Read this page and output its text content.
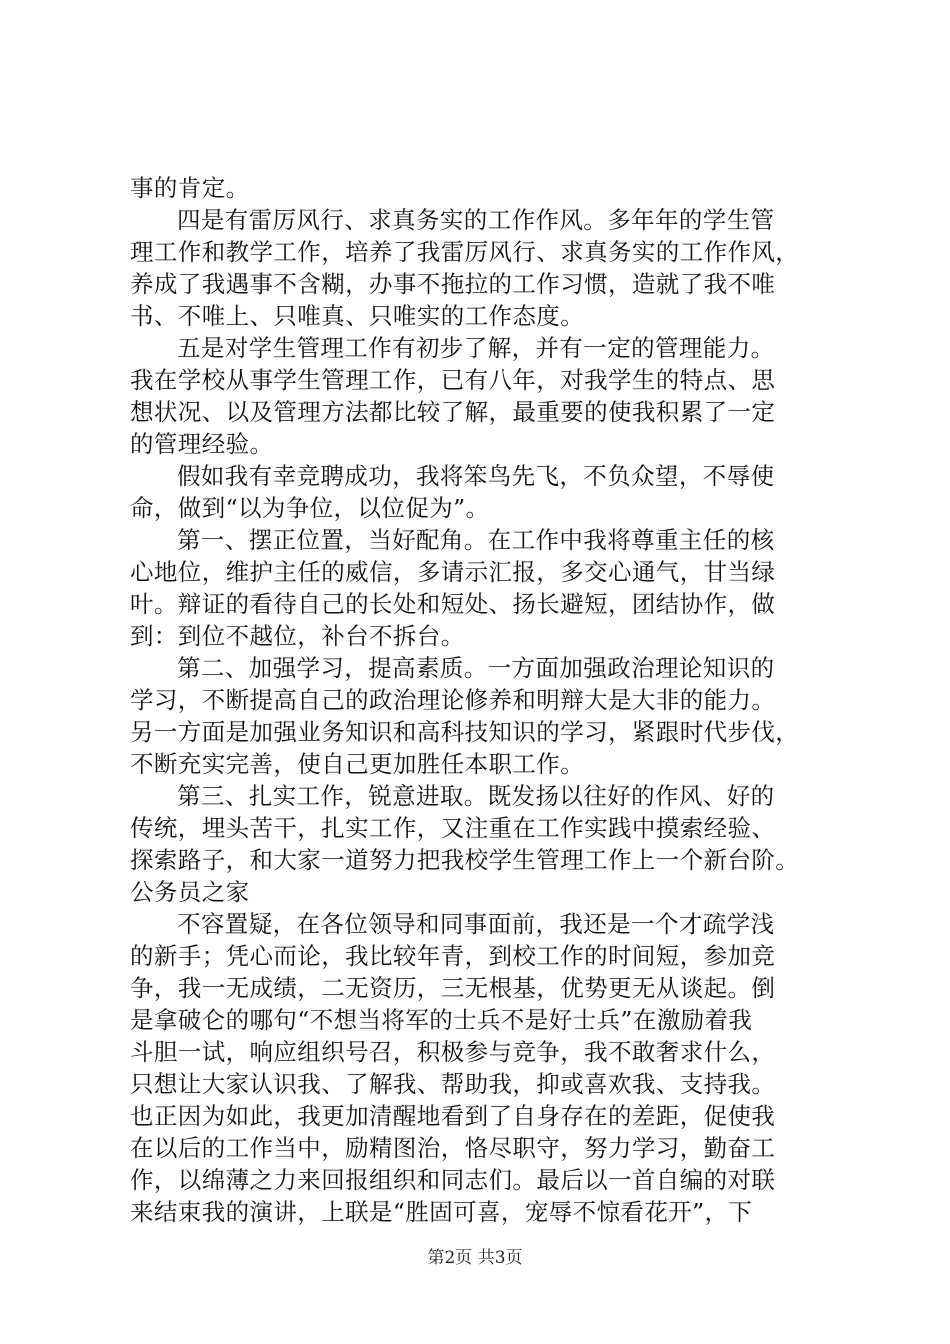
事的肯定。
四是有雷厉风行、求真务实的工作作风。多年年的学生管
理工作和教学工作，培养了我雷厉风行、求真务实的工作作风，
养成了我遇事不含糊，办事不拖拉的工作习惯，造就了我不唯
书、不唯上、只唯真、只唯实的工作态度。
五是对学生管理工作有初步了解，并有一定的管理能力。
我在学校从事学生管理工作，已有八年，对我学生的特点、思
想状况、以及管理方法都比较了解，最重要的使我积累了一定
的管理经验。
假如我有幸竞聘成功，我将笨鸟先飞，不负众望，不辱使
命，做到“以为争位，以位促为”。
第一、摆正位置，当好配角。在工作中我将尊重主任的核
心地位，维护主任的威信，多请示汇报，多交心通气，甘当绿
叶。辩证的看待自己的长处和短处、扬长避短，团结协作，做
到：到位不越位，补台不拆台。
第二、加强学习，提高素质。一方面加强政治理论知识的
学习，不断提高自己的政治理论修养和明辩大是大非的能力。
另一方面是加强业务知识和高科技知识的学习，紧跟时代步伐，
不断充实完善，使自己更加胜任本职工作。
第三、扎实工作，锐意进取。既发扬以往好的作风、好的
传统，埋头苦干，扎实工作，又注重在工作实践中摸索经验、
探索路子，和大家一道努力把我校学生管理工作上一个新台阶。
公务员之家
不容置疑，在各位领导和同事面前，我还是一个才疏学浅
的新手；凭心而论，我比较年青，到校工作的时间短，参加竞
争，我一无成绩，二无资历，三无根基，优势更无从谈起。倒
是拿破仑的哪句“不想当将军的士兵不是好士兵”在激励着我
斗胆一试，响应组织号召，积极参与竞争，我不敢奢求什么，
只想让大家认识我、了解我、帮助我，抑或喜欢我、支持我。
也正因为如此，我更加清醒地看到了自身存在的差距，促使我
在以后的工作当中，励精图治，恪尽职守，努力学习，勤奋工
作，以绵薄之力来回报组织和同志们。最后以一首自编的对联
来结束我的演讲，上联是“胜固可喜，宠辱不惊看花开”，下
第2页 共3页
